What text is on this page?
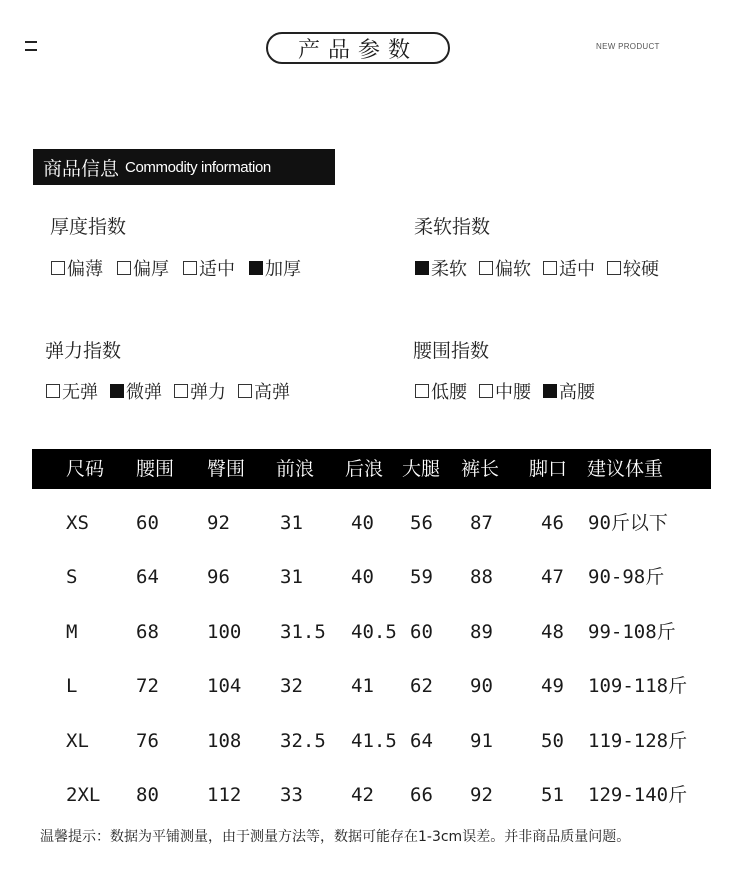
产品参数	NEW PRODUCT
商品信息 Commodity information
厚度指数	柔软指数
弹力指数	腰围指数
偏薄 偏厚 适中 加厚	柔软 偏软 适中 较硬
无弹 微弹 弹力 高弹	低腰 中腰 高腰
尺码 腰围 臀围 前浪 后浪 大腿 裤长 脚口 建议体重
XS 60	92	31	40 56 87	46 90斤以下
S	64	96	31	40 59 88	47 90-98斤
M	68	100 31.5 40.5 60 89	48 99-108斤
L	72	104 32	41 62 90	49 109-118斤
XL 76	108 32.5 41.5 64 91	50 119-128斤
2XL 80	112 33	42 66 92	51 129-140斤
温馨提示：数据为平铺测量，由于测量方法等，数据可能存在1-3cm误差。并非商品质量问题。
